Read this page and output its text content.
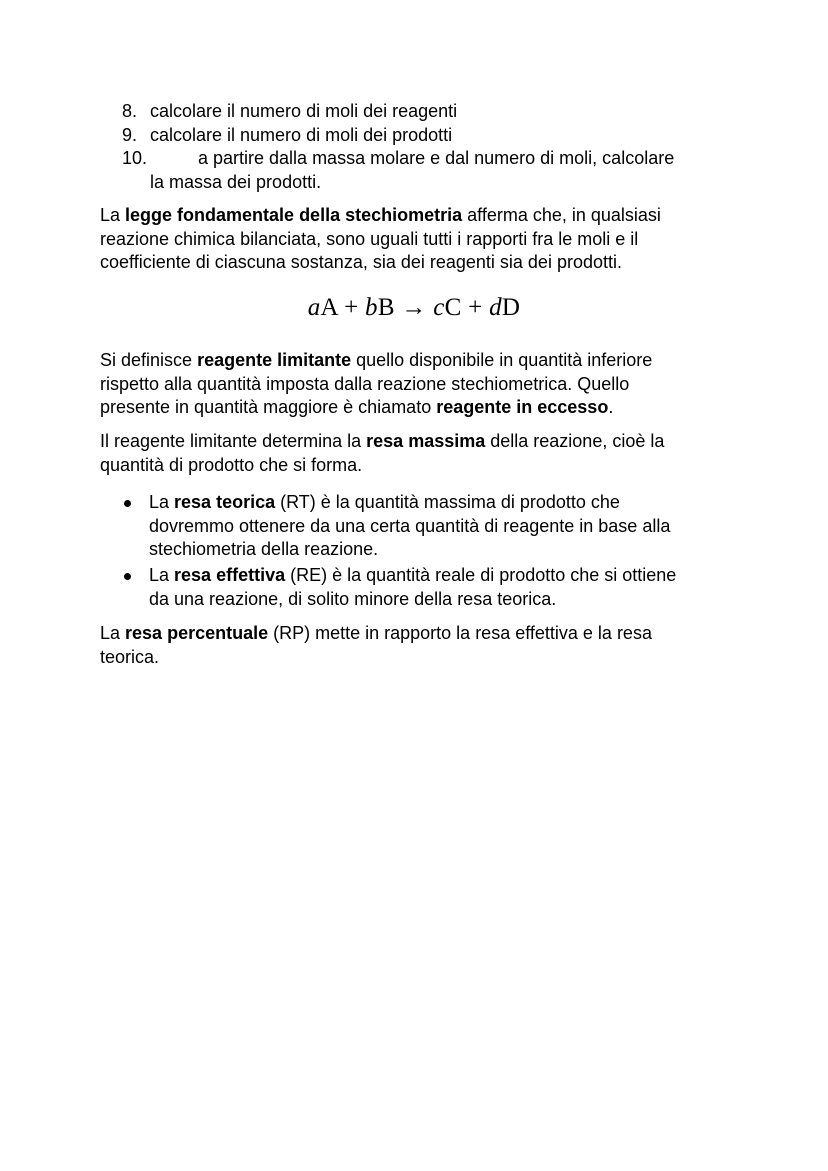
8. calcolare il numero di moli dei reagenti
9. calcolare il numero di moli dei prodotti
10.	a partire dalla massa molare e dal numero di moli, calcolare
la massa dei prodotti.
La legge fondamentale della stechiometria afferma che, in qualsiasi
reazione chimica bilanciata, sono uguali tutti i rapporti fra le moli e il
coefficiente di ciascuna sostanza, sia dei reagenti sia dei prodotti.
aA + bB → cC + dD
Si definisce reagente limitante quello disponibile in quantità inferiore
rispetto alla quantità imposta dalla reazione stechiometrica. Quello
presente in quantità maggiore è chiamato reagente in eccesso.
Il reagente limitante determina la resa massima della reazione, cioè la
quantità di prodotto che si forma.
La resa teorica (RT) è la quantità massima di prodotto che
dovremmo ottenere da una certa quantità di reagente in base alla
stechiometria della reazione.
La resa effettiva (RE) è la quantità reale di prodotto che si ottiene
da una reazione, di solito minore della resa teorica.
La resa percentuale (RP) mette in rapporto la resa effettiva e la resa
teorica.
